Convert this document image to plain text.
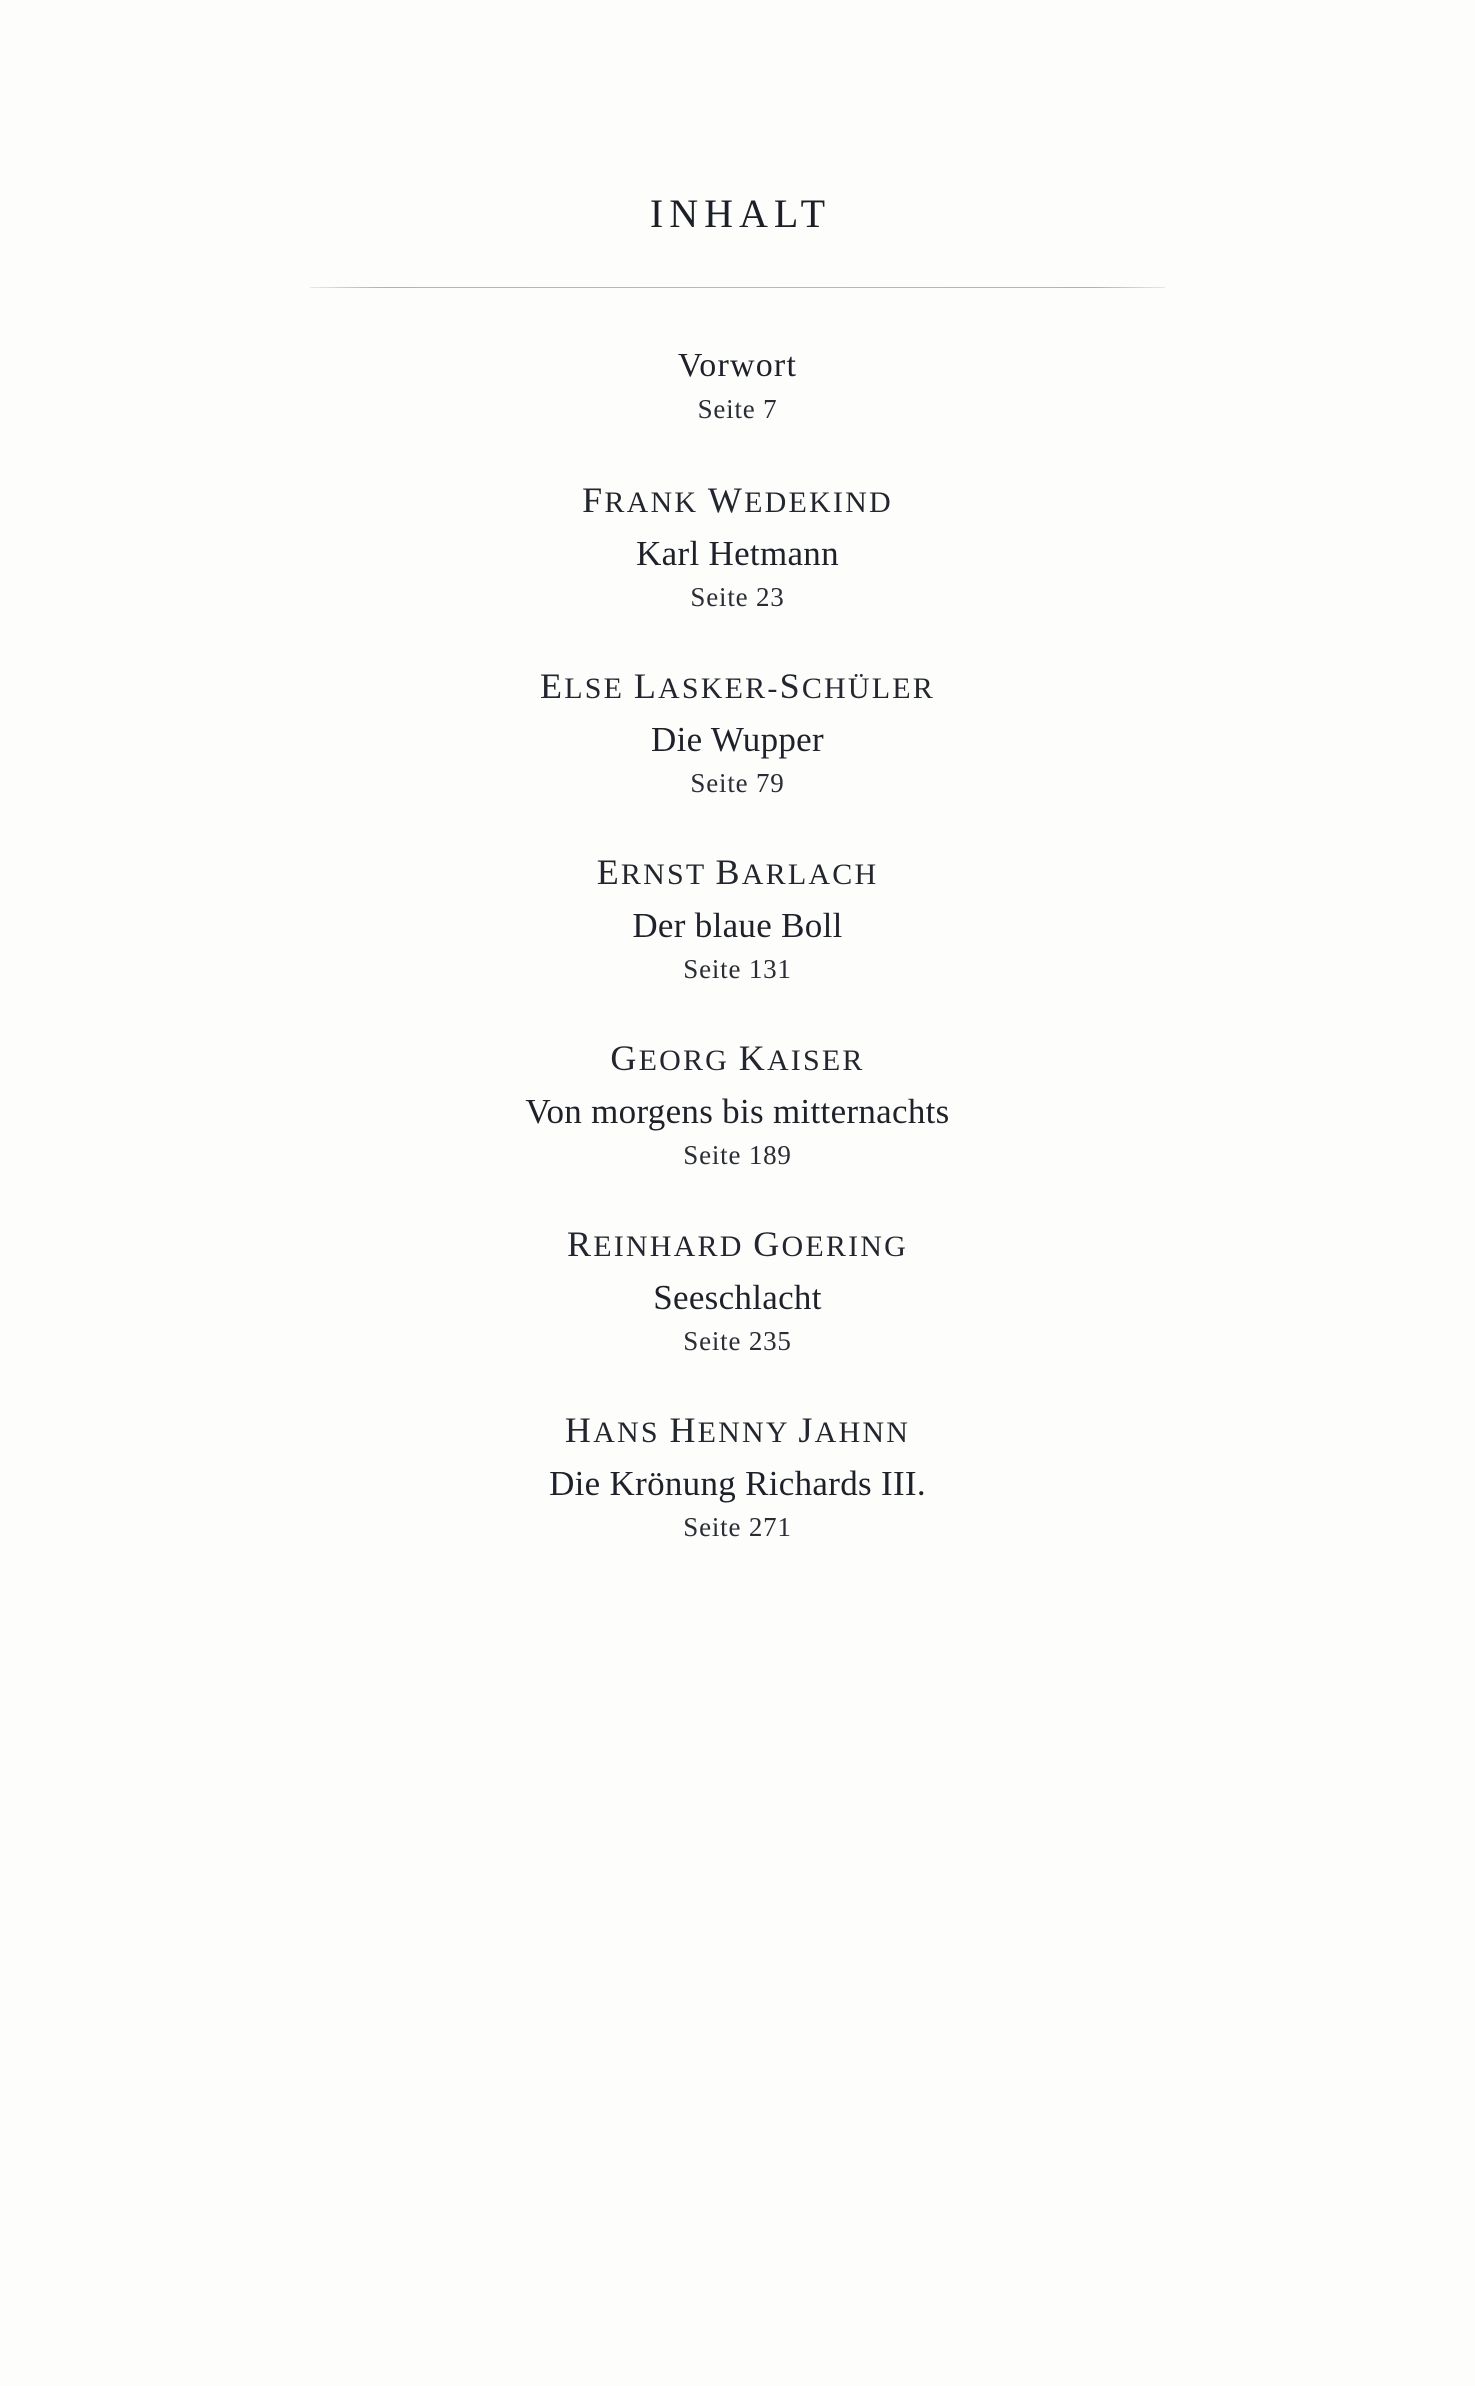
INHALT
Vorwort
Seite 7
FRANK WEDEKIND
Karl Hetmann
Seite 23
ELSE LASKER-SCHÜLER
Die Wupper
Seite 79
ERNST BARLACH
Der blaue Boll
Seite 131
GEORG KAISER
Von morgens bis mitternachts
Seite 189
REINHARD GOERING
Seeschlacht
Seite 235
HANS HENNY JAHNN
Die Krönung Richards III.
Seite 271
